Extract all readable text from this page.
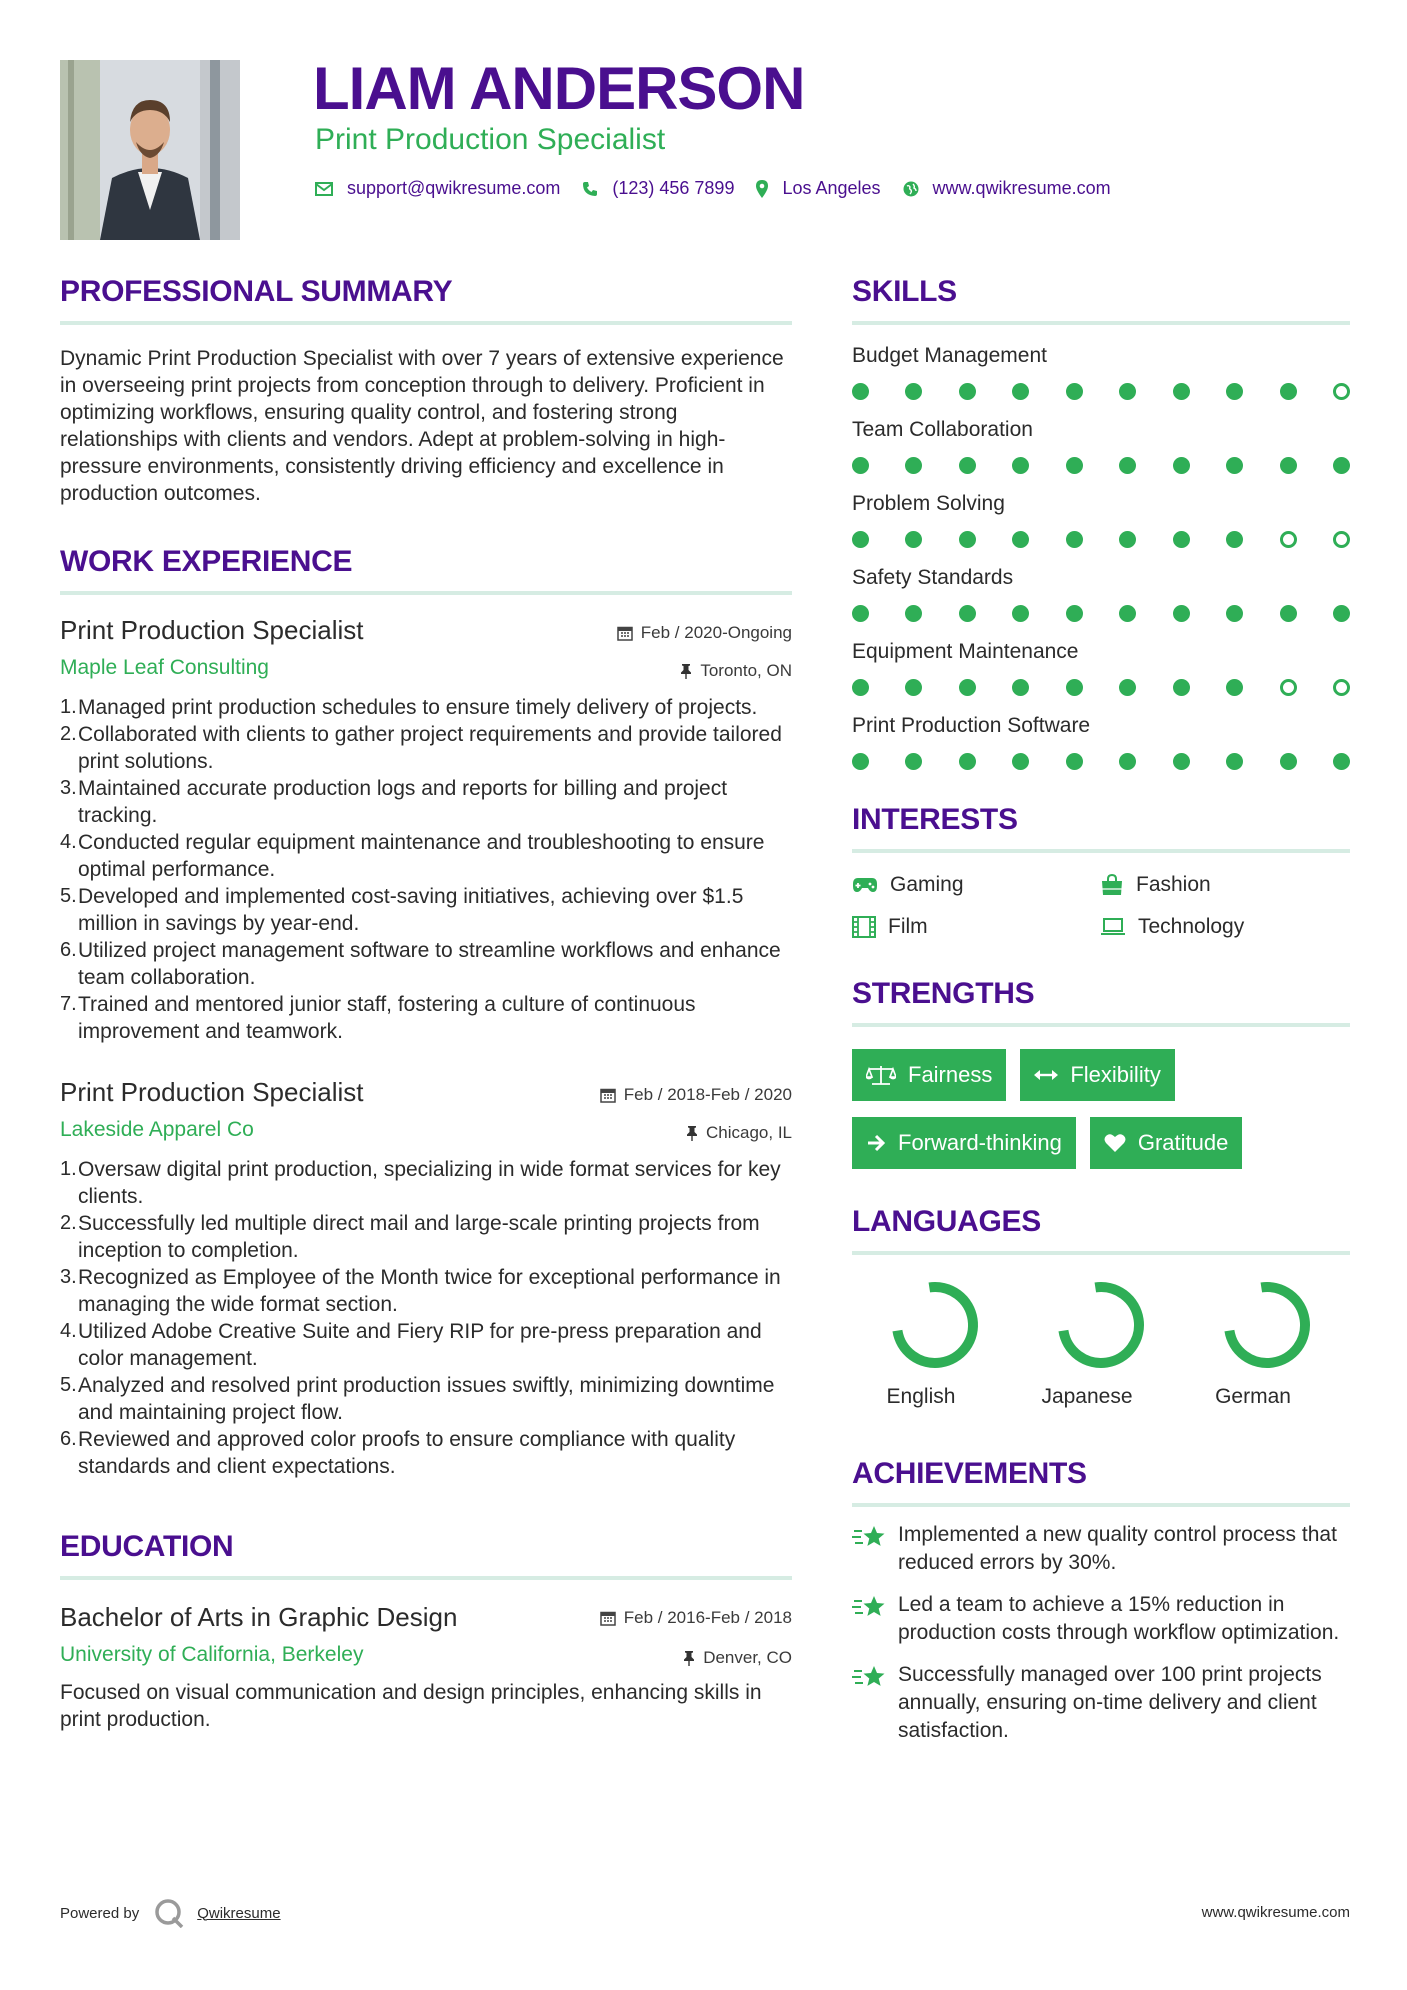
LIAM ANDERSON
Print Production Specialist
support@qwikresume.com	(123) 456 7899	Los Angeles	www.qwikresume.com
PROFESSIONAL SUMMARY

Dynamic Print Production Specialist with over 7 years of extensive experience in overseeing print projects from conception through to delivery. Proficient in optimizing workflows, ensuring quality control, and fostering strong relationships with clients and vendors. Adept at problem-solving in high-pressure environments, consistently driving efficiency and excellence in production outcomes.

WORK EXPERIENCE
Print Production Specialist	Feb / 2020-Ongoing
Maple Leaf Consulting	Toronto, ON
1. Managed print production schedules to ensure timely delivery of projects.
2. Collaborated with clients to gather project requirements and provide tailored print solutions.
3. Maintained accurate production logs and reports for billing and project tracking.
4. Conducted regular equipment maintenance and troubleshooting to ensure optimal performance.
5. Developed and implemented cost-saving initiatives, achieving over $1.5 million in savings by year-end.
6. Utilized project management software to streamline workflows and enhance team collaboration.
7. Trained and mentored junior staff, fostering a culture of continuous improvement and teamwork.
Print Production Specialist	Feb / 2018-Feb / 2020
Lakeside Apparel Co	Chicago, IL
1. Oversaw digital print production, specializing in wide format services for key clients.
2. Successfully led multiple direct mail and large-scale printing projects from inception to completion.
3. Recognized as Employee of the Month twice for exceptional performance in managing the wide format section.
4. Utilized Adobe Creative Suite and Fiery RIP for pre-press preparation and color management.
5. Analyzed and resolved print production issues swiftly, minimizing downtime and maintaining project flow.
6. Reviewed and approved color proofs to ensure compliance with quality standards and client expectations.
EDUCATION
Bachelor of Arts in Graphic Design	Feb / 2016-Feb / 2018
University of California, Berkeley	Denver, CO

Focused on visual communication and design principles, enhancing skills in print production.

SKILLS
Budget Management
Team Collaboration
Problem Solving
Safety Standards
Equipment Maintenance
Print Production Software
INTERESTS
Gaming	Fashion
Film	Technology
STRENGTHS
Fairness	Flexibility
Forward-thinking	Gratitude
LANGUAGES
English	Japanese	German
ACHIEVEMENTS
Implemented a new quality control process that reduced errors by 30%.
Led a team to achieve a 15% reduction in production costs through workflow optimization.
Successfully managed over 100 print projects annually, ensuring on-time delivery and client satisfaction.
Powered by	Qwikresume	www.qwikresume.com
